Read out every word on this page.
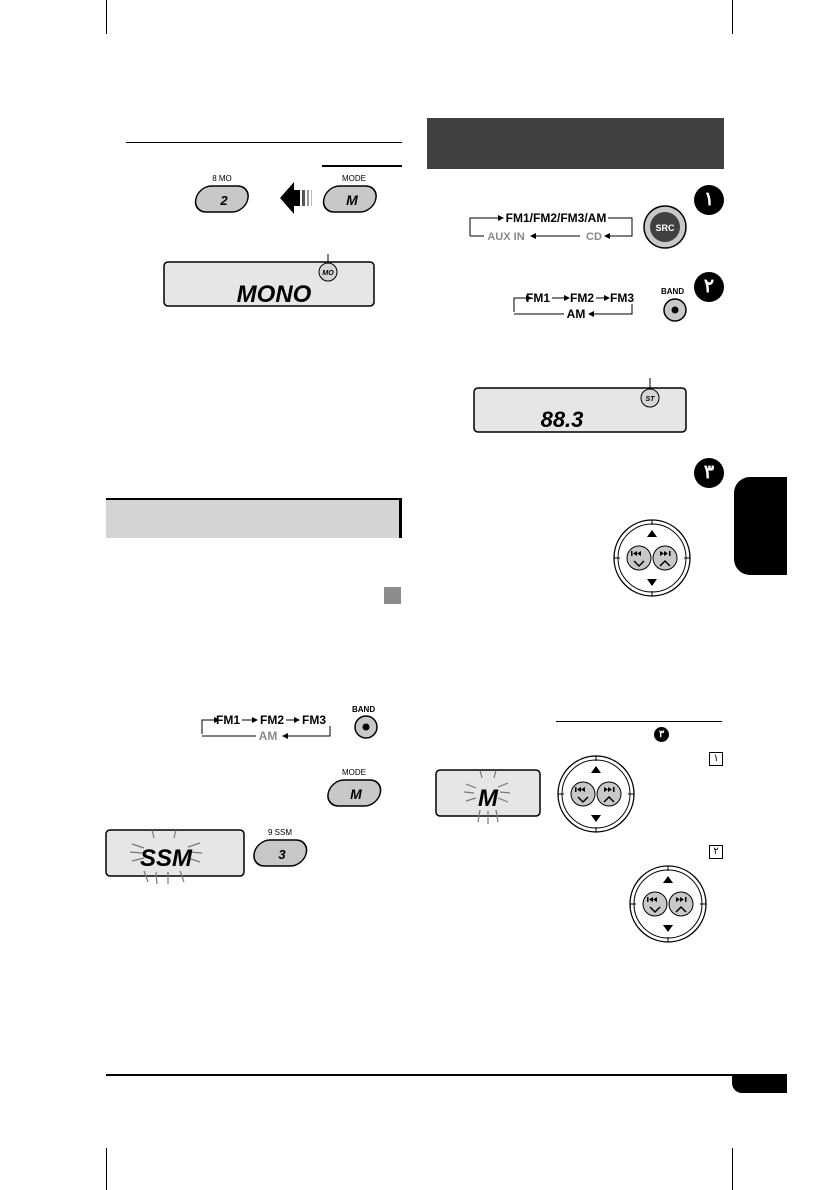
8 MO
2
MODE
M
MO
MONO
١
FM1/FM2/FM3/AM
CD
AUX IN
SRC
٢
FM1 FM2 FM3
AM
BAND
ST
88.3
٣
FM1 FM2 FM3
AM
BAND
MODE
M
SSM
9 SSM
3
٣
M
١
٢
